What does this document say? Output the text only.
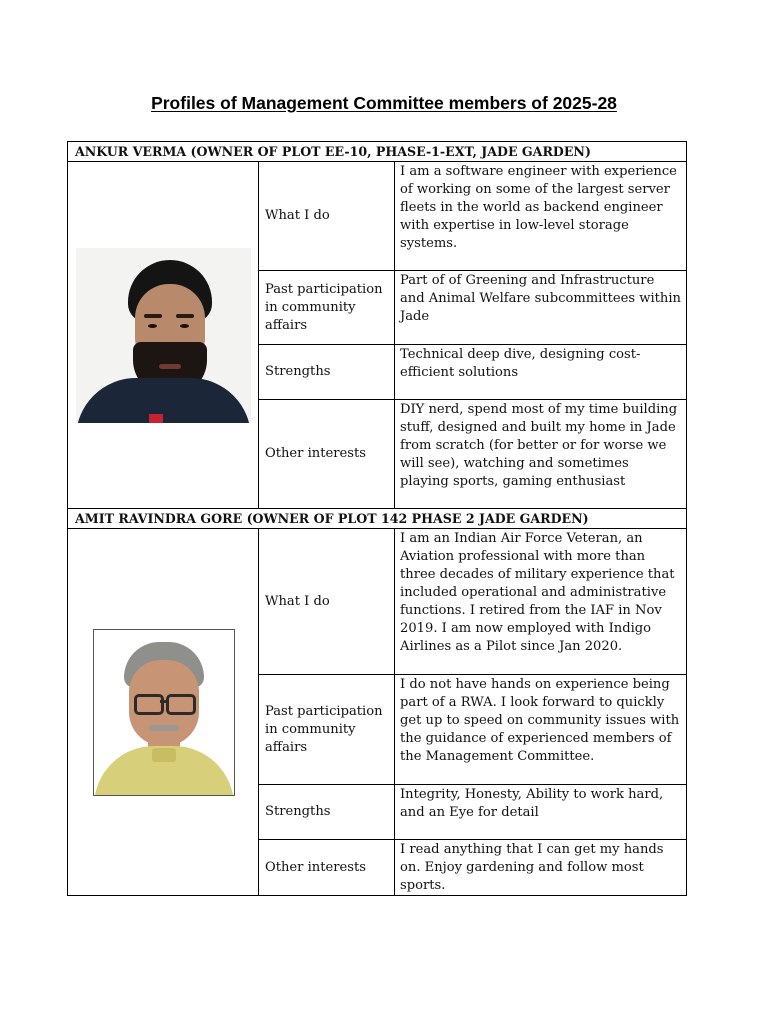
Profiles of Management Committee members of 2025-28
ANKUR VERMA (OWNER OF PLOT EE-10, PHASE-1-EXT, JADE GARDEN)		

	What I do	I am a software engineer with experience of working on some of the largest server fleets in the world as backend engineer with expertise in low-level storage systems.
	Past participation in community affairs	Part of of Greening and Infrastructure and Animal Welfare subcommittees within Jade
	Strengths	Technical deep dive, designing cost-efficient solutions
	Other interests	DIY nerd, spend most of my time building stuff, designed and built my home in Jade from scratch (for better or for worse we will see), watching and sometimes playing sports, gaming enthusiast
AMIT RAVINDRA GORE (OWNER OF PLOT 142 PHASE 2 JADE GARDEN)		

	What I do	I am an Indian Air Force Veteran, an Aviation professional with more than three decades of military experience that included operational and administrative functions. I retired from the IAF in Nov 2019. I am now employed with Indigo Airlines as a Pilot since Jan 2020.
	Past participation in community affairs	I do not have hands on experience being part of a RWA. I look forward to quickly get up to speed on community issues with the guidance of experienced members of the Management Committee.
	Strengths	Integrity, Honesty, Ability to work hard, and an Eye for detail
	Other interests	I read anything that I can get my hands on. Enjoy gardening and follow most sports.
